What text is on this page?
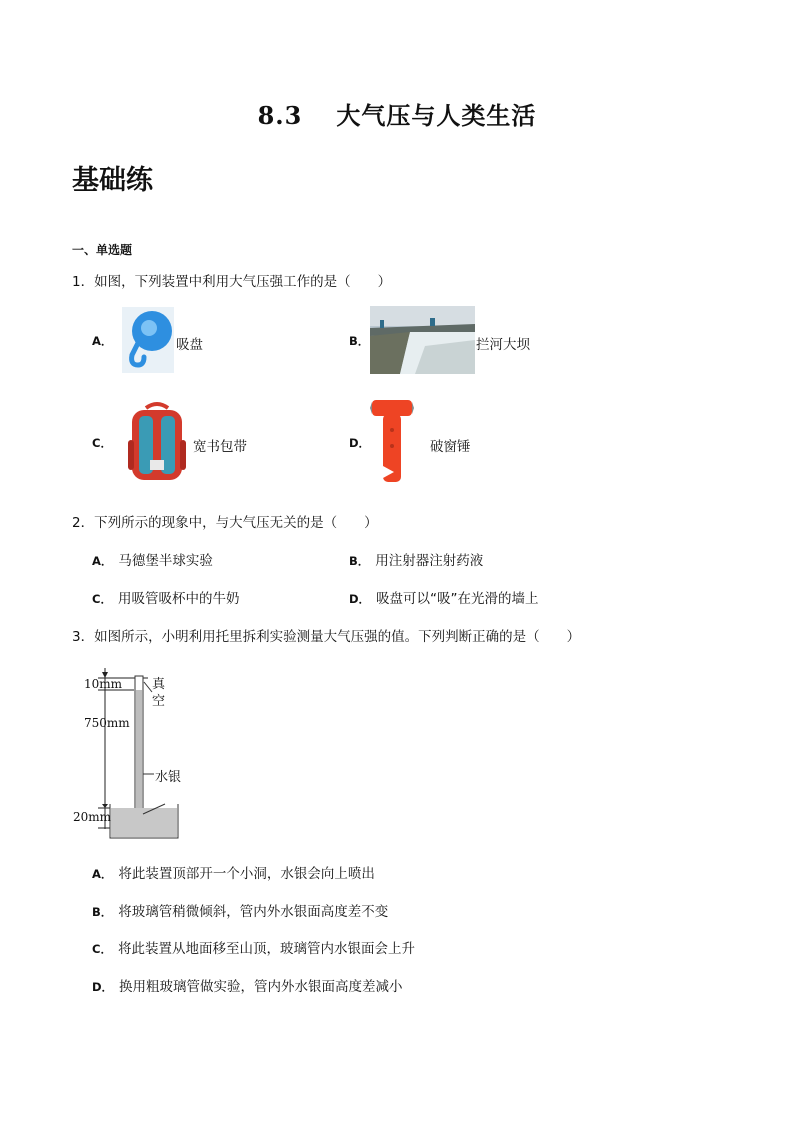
8.3 大气压与人类生活
基础练
一、单选题
1．如图，下列装置中利用大气压强工作的是（　　）
A．	吸盘	B．	拦河大坝
C．	宽书包带	D．	破窗锤
2．下列所示的现象中，与大气压无关的是（　　）
A． 马德堡半球实验	B． 用注射器注射药液
C． 用吸管吸杯中的牛奶	D． 吸盘可以“吸”在光滑的墙上
3．如图所示，小明利用托里拆利实验测量大气压强的值。下列判断正确的是（　　）
10mm
750mm
20mm
真
空
水银
A． 将此装置顶部开一个小洞，水银会向上喷出
B． 将玻璃管稍微倾斜，管内外水银面高度差不变
C． 将此装置从地面移至山顶，玻璃管内水银面会上升
D． 换用粗玻璃管做实验，管内外水银面高度差减小
